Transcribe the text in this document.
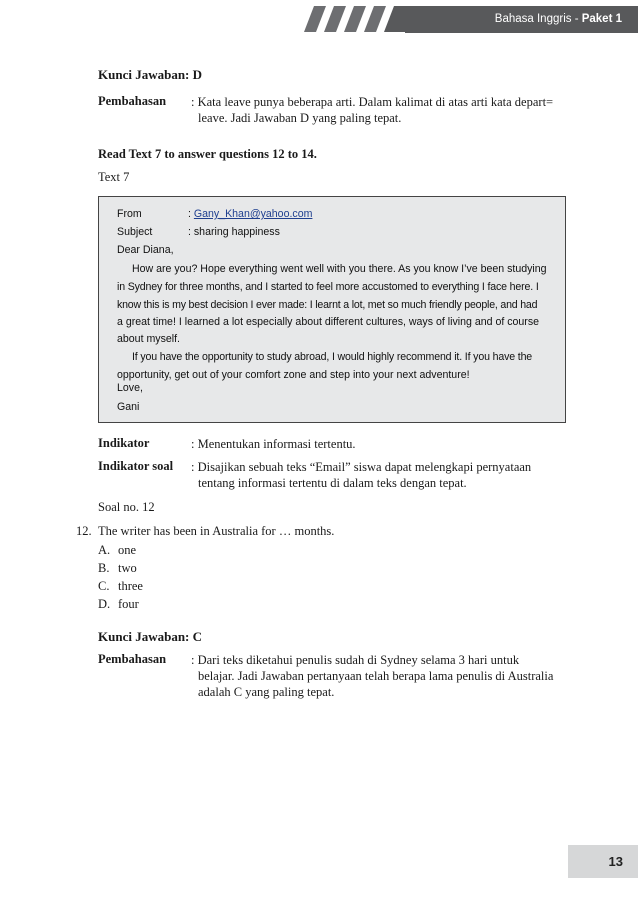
Bahasa Inggris - Paket 1
Kunci Jawaban: D
Pembahasan : Kata leave punya beberapa arti. Dalam kalimat di atas arti kata depart=
leave. Jadi Jawaban D yang paling tepat.
Read Text 7 to answer questions 12 to 14.
Text 7
From	: Gany_Khan@yahoo.com
Subject	: sharing happiness
Dear Diana,
How are you? Hope everything went well with you there. As you know I’ve been studying
in Sydney for three months, and I started to feel more accustomed to everything I face here. I
know this is my best decision I ever made: I learnt a lot, met so much friendly people, and had
a great time! I learned a lot especially about different cultures, ways of living and of course
about myself.
If you have the opportunity to study abroad, I would highly recommend it. If you have the
opportunity, get out of your comfort zone and step into your next adventure!
Love,
Indikator	: Menentukan informasi tertentu.
Indikator soal : Disajikan sebuah teks “Email” siswa dapat melengkapi pernyataan
tentang informasi tertentu di dalam teks dengan tepat.
Soal no. 12
12. The writer has been in Australia for … months.
A. one
B. two
C. three
D. four
Kunci Jawaban: C
Pembahasan : Dari teks diketahui penulis sudah di Sydney selama 3 hari untuk
belajar. Jadi Jawaban pertanyaan telah berapa lama penulis di Australia
adalah C yang paling tepat.
13
Gani
